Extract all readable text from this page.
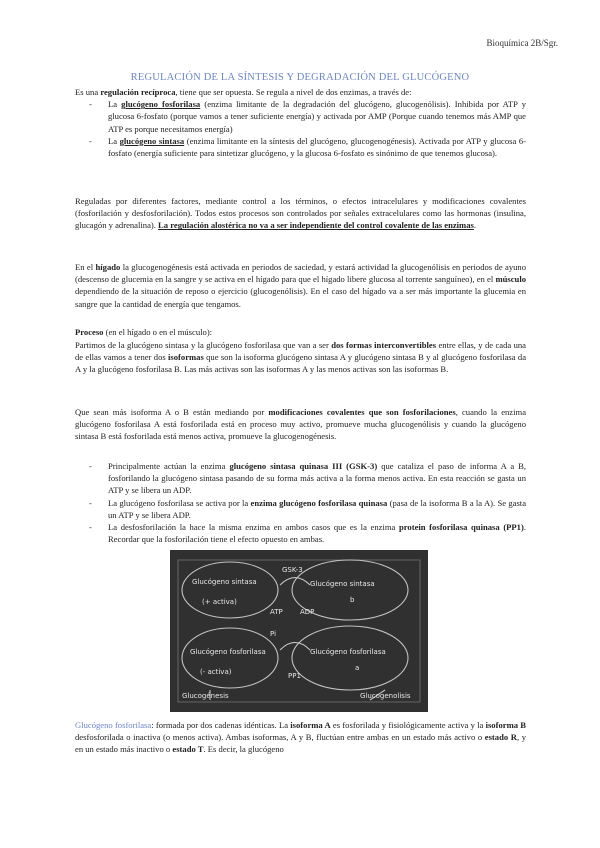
Bioquímica 2B/Sgr.
REGULACIÓN DE LA SÍNTESIS Y DEGRADACIÓN DEL GLUCÓGENO

Es una regulación recíproca, tiene que ser opuesta. Se regula a nivel de dos enzimas, a través de:

- La glucógeno fosforilasa (enzima limitante de la degradación del glucógeno, glucogenólisis). Inhibida por ATP y glucosa 6-fosfato (porque vamos a tener suficiente energía) y activada por AMP (Porque cuando tenemos más AMP que ATP es porque necesitamos energía)
- La glucógeno sintasa (enzima limitante en la síntesis del glucógeno, glucogenogénesis). Activada por ATP y glucosa 6-fosfato (energía suficiente para sintetizar glucógeno, y la glucosa 6-fosfato es sinónimo de que tenemos glucosa).

Reguladas por diferentes factores, mediante control a los términos, o efectos intracelulares y modificaciones covalentes (fosforilación y desfosforilación). Todos estos procesos son controlados por señales extracelulares como las hormonas (insulina, glucagón y adrenalina). La regulación alostérica no va a ser independiente del control covalente de las enzimas.

En el hígado la glucogenogénesis está activada en periodos de saciedad, y estará actividad la glucogenólisis en periodos de ayuno (descenso de glucemia en la sangre y se activa en el hígado para que el hígado libere glucosa al torrente sanguíneo), en el músculo dependiendo de la situación de reposo o ejercicio (glucogenólisis). En el caso del hígado va a ser más importante la glucemia en sangre que la cantidad de energía que tengamos.

Proceso (en el hígado o en el músculo):

Partimos de la glucógeno sintasa y la glucógeno fosforilasa que van a ser dos formas interconvertibles entre ellas, y de cada una de ellas vamos a tener dos isoformas que son la isoforma glucógeno sintasa A y glucógeno sintasa B y al glucógeno fosforilasa da A y la glucógeno fosforilasa B. Las más activas son las isoformas A y las menos activas son las isoformas B.

Que sean más isoforma A o B están mediando por modificaciones covalentes que son fosforilaciones, cuando la enzima glucógeno fosforilasa A está fosforilada está en proceso muy activo, promueve mucha glucogenólisis y cuando la glucógeno sintasa B está fosforilada está menos activa, promueve la glucogenogénesis.

- Principalmente actúan la enzima glucógeno sintasa quinasa III (GSK-3) que cataliza el paso de informa A a B, fosforilando la glucógeno sintasa pasando de su forma más activa a la forma menos activa. En esta reacción se gasta un ATP y se libera un ADP.
- La glucógeno fosforilasa se activa por la enzima glucógeno fosforilasa quinasa (pasa de la isoforma B a la A). Se gasta un ATP y se libera ADP.
- La desfosforilación la hace la misma enzima en ambos casos que es la enzima protein fosforilasa quinasa (PP1). Recordar que la fosforilación tiene el efecto opuesto en ambas.
Glucógeno sintasa
(+ activa)
Glucógeno fosforilasa
(- activa)
Glucógeno sintasa
b
Glucógeno fosforilasa
a
Glucogénesis	Glucogenolisis
PP1
GSK-3
ATP ADP
Pi

Glucógeno fosforilasa: formada por dos cadenas idénticas. La isoforma A es fosforilada y fisiológicamente activa y la isoforma B desfosforilada o inactiva (o menos activa). Ambas isoformas, A y B, fluctúan entre ambas en un estado más activo o estado R, y en un estado más inactivo o estado T. Es decir, la glucógeno
